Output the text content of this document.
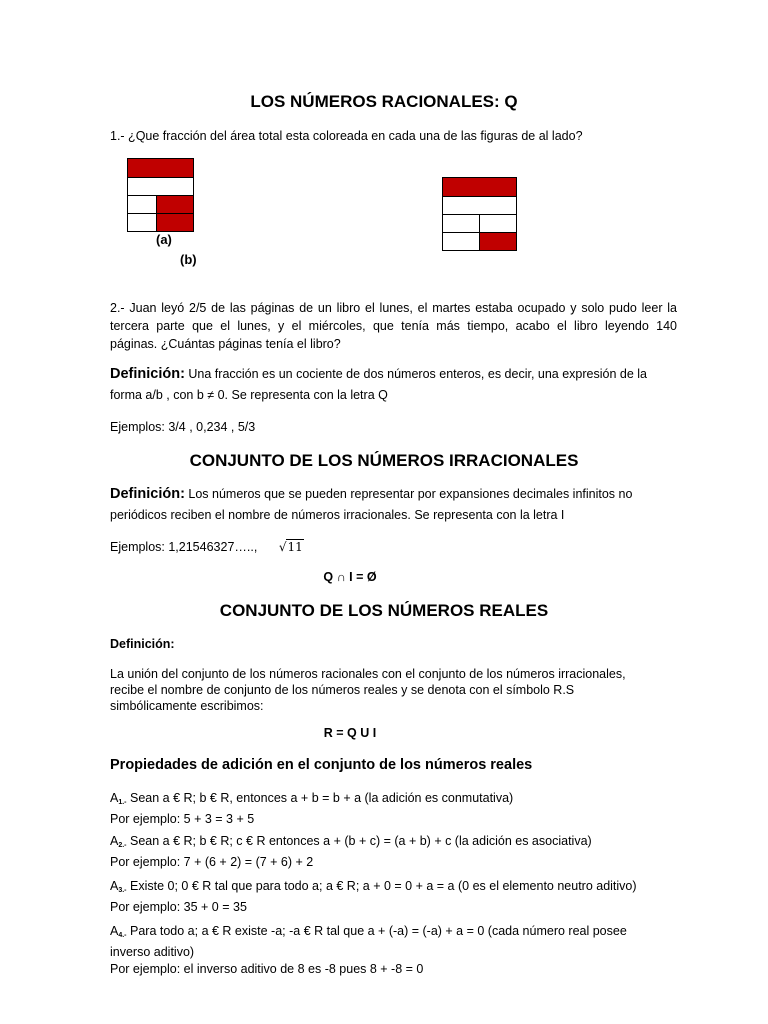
LOS NÚMEROS RACIONALES: Q
1.- ¿Que fracción del área total esta coloreada en cada una de las figuras de al lado?
(a)
(b)
2.- Juan leyó 2/5 de las páginas de un libro el lunes, el martes estaba ocupado y solo pudo leer la
tercera parte que el lunes, y el miércoles, que tenía más tiempo, acabo el libro leyendo 140
páginas. ¿Cuántas páginas tenía el libro?
Definición: Una fracción es un cociente de dos números enteros, es decir, una expresión de la
forma a/b , con b ≠ 0. Se representa con la letra Q
Ejemplos: 3/4 , 0,234 , 5/3
CONJUNTO DE LOS NÚMEROS IRRACIONALES
Definición: Los números que se pueden representar por expansiones decimales infinitos no
periódicos reciben el nombre de números irracionales. Se representa con la letra I
Ejemplos: 1,21546327….., √11
Q ∩ I = Ø
CONJUNTO DE LOS NÚMEROS REALES
Definición:
La unión del conjunto de los números racionales con el conjunto de los números irracionales,
recibe el nombre de conjunto de los números reales y se denota con el símbolo R.S
simbólicamente escribimos:
R = Q U I
Propiedades de adición en el conjunto de los números reales
$A_{1.-}$ Sean a € R; b € R, entonces a + b = b + a (la adición es conmutativa)
Por ejemplo: 5 + 3 = 3 + 5
$A_{2.-}$ Sean a € R; b € R; c € R entonces a + (b + c) = (a + b) + c (la adición es asociativa)
Por ejemplo: 7 + (6 + 2) = (7 + 6) + 2
$A_{3.-}$ Existe 0; 0 € R tal que para todo a; a € R; a + 0 = 0 + a = a (0 es el elemento neutro aditivo)
Por ejemplo: 35 + 0 = 35
$A_{4.-}$ Para todo a; a € R existe -a; -a € R tal que a + (-a) = (-a) + a = 0 (cada número real posee
inverso aditivo)
Por ejemplo: el inverso aditivo de 8 es -8 pues 8 + -8 = 0
